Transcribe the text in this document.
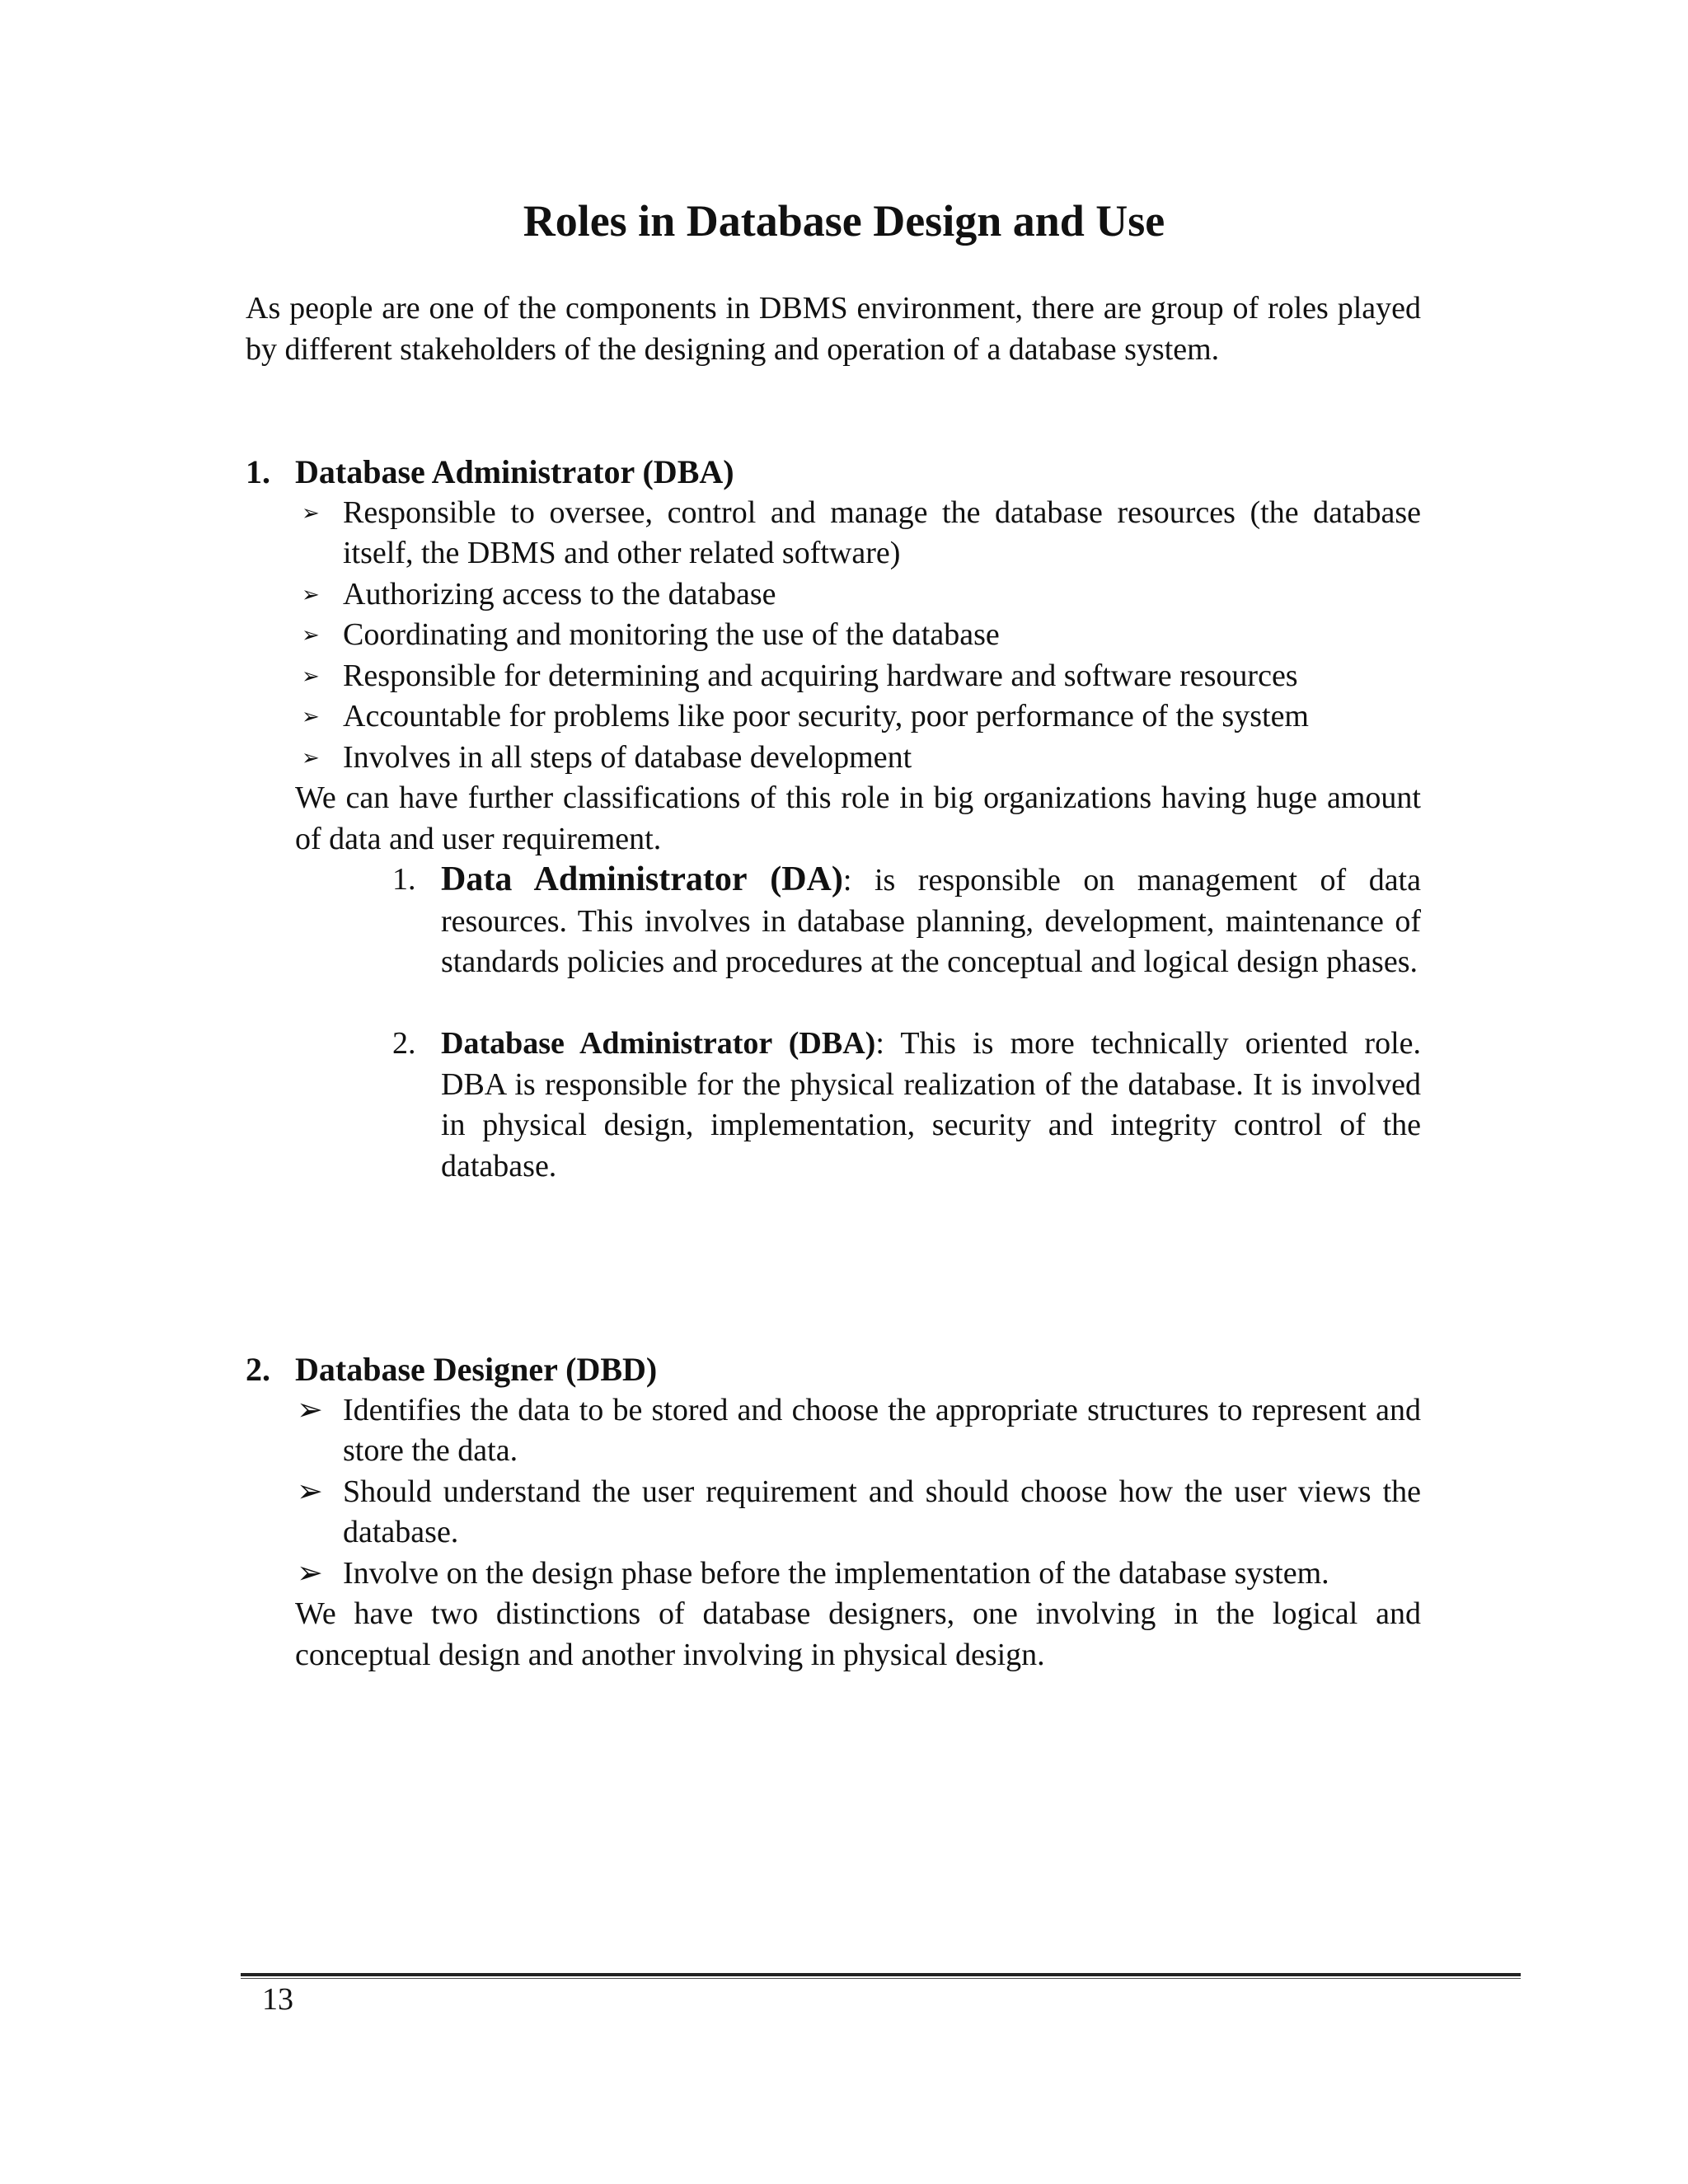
Roles in Database Design and Use

As people are one of the components in DBMS environment, there are group of roles played by different stakeholders of the designing and operation of a database system.

1. Database Administrator (DBA)
➢ Responsible to oversee, control and manage the database resources (the database itself, the DBMS and other related software)
➢ Authorizing access to the database
➢ Coordinating and monitoring the use of the database
➢ Responsible for determining and acquiring hardware and software resources
➢ Accountable for problems like poor security, poor performance of the system
➢ Involves in all steps of database development

We can have further classifications of this role in big organizations having huge amount of data and user requirement.

1. Data Administrator (DA): is responsible on management of data resources. This involves in database planning, development, maintenance of standards policies and procedures at the conceptual and logical design phases.
2. Database Administrator (DBA): This is more technically oriented role. DBA is responsible for the physical realization of the database. It is involved in physical design, implementation, security and integrity control of the database.
2. Database Designer (DBD)
➢ Identifies the data to be stored and choose the appropriate structures to represent and store the data.
➢ Should understand the user requirement and should choose how the user views the database.
➢ Involve on the design phase before the implementation of the database system.

We have two distinctions of database designers, one involving in the logical and conceptual design and another involving in physical design.

13
